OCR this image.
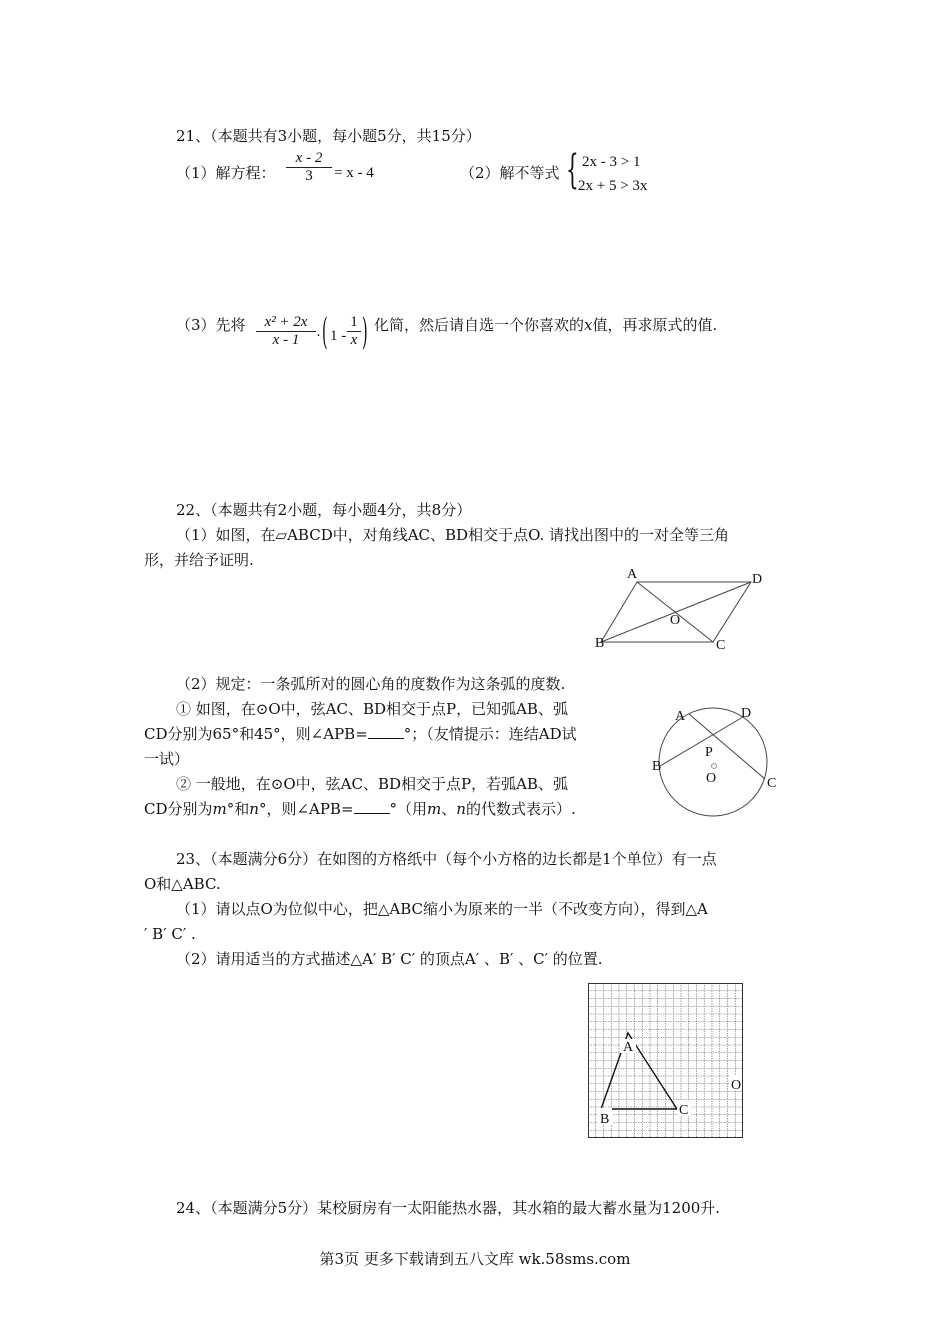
21、（本题共有3小题，每小题5分，共15分）
（1）解方程：
x - 2
3	= x - 4	（2）解不等式 { 2x - 3 > 1
2x + 5 > 3x
（3）先将	x² + 2x
x - 1	· ( 1 -
1
x ) 化简，然后请自选一个你喜欢的x值，再求原式的值.
22、（本题共有2小题，每小题4分，共8分）
（1）如图，在▱ABCD中，对角线AC、BD相交于点O. 请找出图中的一对全等三角
形，并给予证明.
A	D
O
B	C
（2）规定：一条弧所对的圆心角的度数作为这条弧的度数.
① 如图，在⊙O中，弦AC、BD相交于点P，已知弧AB、弧
CD分别为65°和45°，则∠APB= °；（友情提示：连结AD试
一试）
② 一般地，在⊙O中，弦AC、BD相交于点P，若弧AB、弧
CD分别为m°和n°，则∠APB= °（用m、n的代数式表示）.
A	D
P
B
O	C
23、（本题满分6分）在如图的方格纸中（每个小方格的边长都是1个单位）有一点
O和△ABC.
（1）请以点O为位似中心，把△ABC缩小为原来的一半（不改变方向），得到△A
′ B′ C′ .
（2）请用适当的方式描述△A′ B′ C′ 的顶点A′ 、B′ 、C′ 的位置.
A
B
C
O
24、（本题满分5分）某校厨房有一太阳能热水器，其水箱的最大蓄水量为1200升.
第3页 更多下载请到五八文库 wk.58sms.com
